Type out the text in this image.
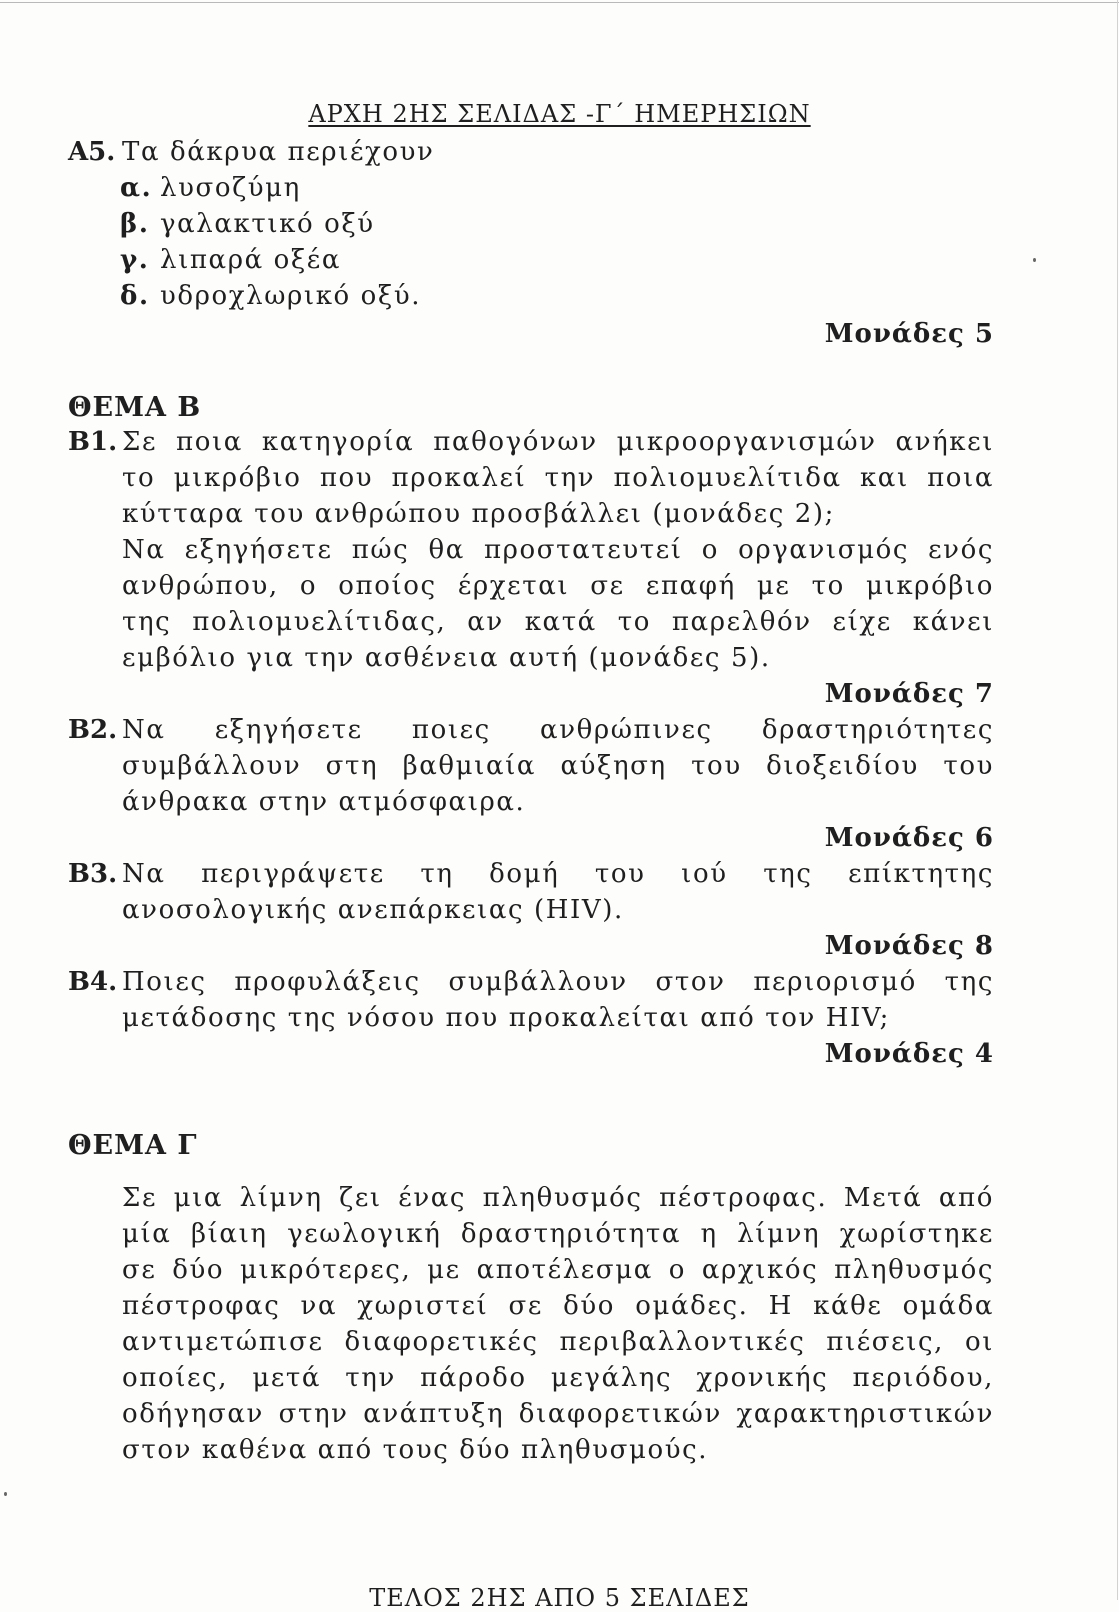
ΑΡΧΗ 2ΗΣ ΣΕΛΙΔΑΣ -Γ΄ ΗΜΕΡΗΣΙΩΝ
Α5. Τα δάκρυα περιέχουν
α. λυσοζύμη
β. γαλακτικό οξύ
γ. λιπαρά οξέα
δ. υδροχλωρικό οξύ.
Μονάδες 5
ΘΕΜΑ Β
Β1. Σε ποια κατηγορία παθογόνων μικροοργανισμών ανήκει
το μικρόβιο που προκαλεί την πολιομυελίτιδα και ποια
κύτταρα του ανθρώπου προσβάλλει (μονάδες 2);
Να εξηγήσετε πώς θα προστατευτεί ο οργανισμός ενός
ανθρώπου, ο οποίος έρχεται σε επαφή με το μικρόβιο
της πολιομυελίτιδας, αν κατά το παρελθόν είχε κάνει
εμβόλιο για την ασθένεια αυτή (μονάδες 5).
Μονάδες 7
Β2. Να εξηγήσετε ποιες ανθρώπινες δραστηριότητες
συμβάλλουν στη βαθμιαία αύξηση του διοξειδίου του
άνθρακα στην ατμόσφαιρα.
Μονάδες 6
Β3. Να περιγράψετε τη δομή του ιού της επίκτητης
ανοσολογικής ανεπάρκειας (HIV).
Μονάδες 8
Β4. Ποιες προφυλάξεις συμβάλλουν στον περιορισμό της
μετάδοσης της νόσου που προκαλείται από τον HIV;
Μονάδες 4
ΘΕΜΑ Γ
Σε μια λίμνη ζει ένας πληθυσμός πέστροφας. Μετά από
μία βίαιη γεωλογική δραστηριότητα η λίμνη χωρίστηκε
σε δύο μικρότερες, με αποτέλεσμα ο αρχικός πληθυσμός
πέστροφας να χωριστεί σε δύο ομάδες. Η κάθε ομάδα
αντιμετώπισε διαφορετικές περιβαλλοντικές πιέσεις, οι
οποίες, μετά την πάροδο μεγάλης χρονικής περιόδου,
οδήγησαν στην ανάπτυξη διαφορετικών χαρακτηριστικών
στον καθένα από τους δύο πληθυσμούς.
ΤΕΛΟΣ 2ΗΣ ΑΠΟ 5 ΣΕΛΙΔΕΣ
